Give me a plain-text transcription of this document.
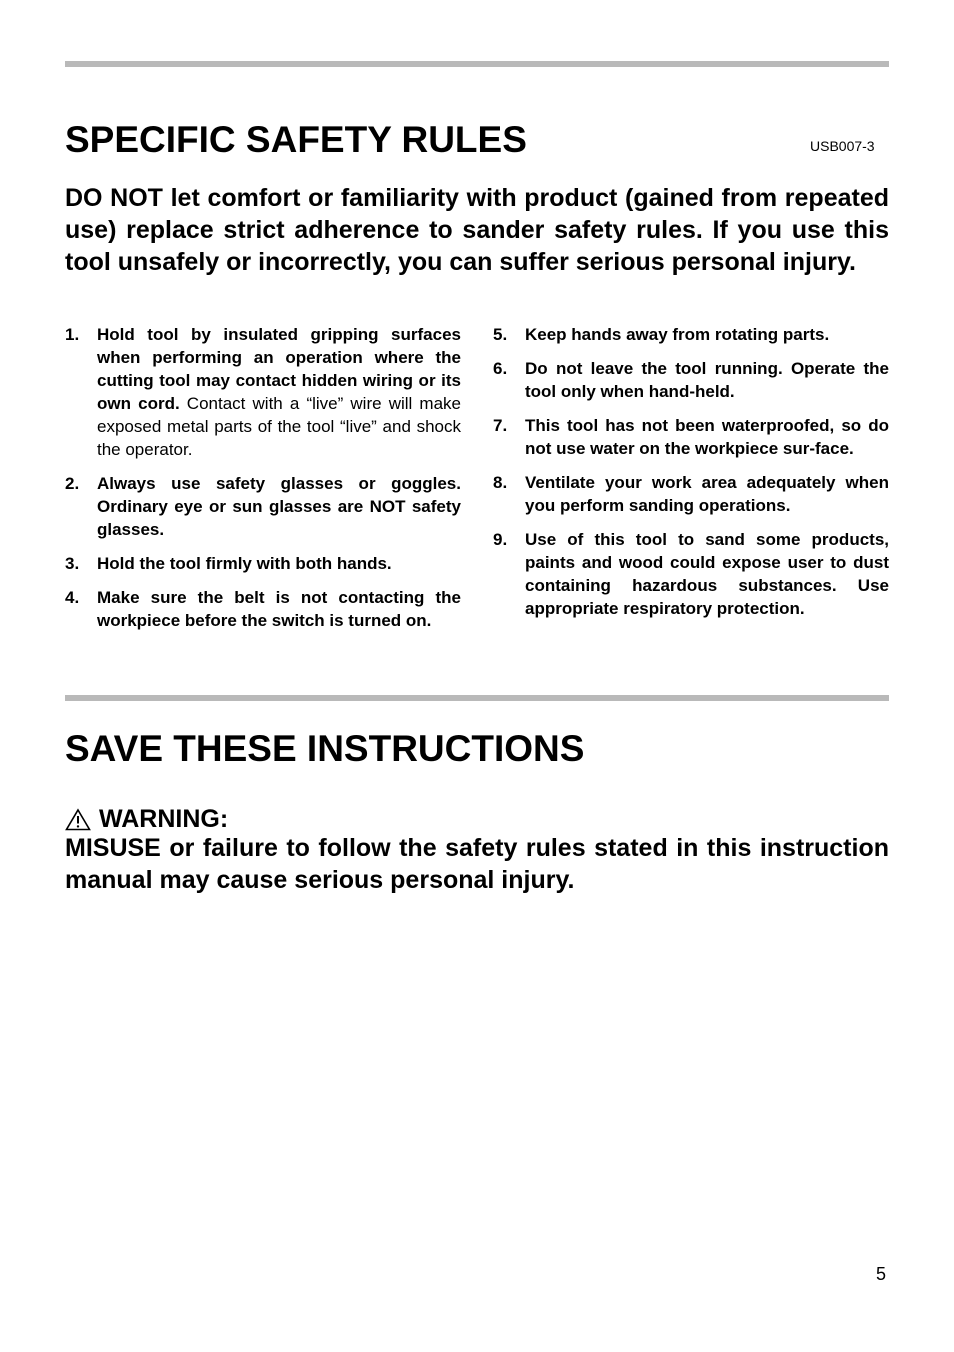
SPECIFIC SAFETY RULES	USB007-3

DO NOT let comfort or familiarity with product (gained from repeated use) replace strict adherence to sander safety rules. If you use this tool unsafely or incorrectly, you can suffer serious personal injury.

1. Hold tool by insulated gripping surfaces when performing an operation where the cutting tool may contact hidden wiring or its own cord. Contact with a “live” wire will make exposed metal parts of the tool “live” and shock the operator.
2. Always use safety glasses or goggles. Ordinary eye or sun glasses are NOT safety glasses.
3. Hold the tool firmly with both hands.
4. Make sure the belt is not contacting the workpiece before the switch is turned on.
5. Keep hands away from rotating parts.
6. Do not leave the tool running. Operate the tool only when hand-held.
7. This tool has not been waterproofed, so do not use water on the workpiece sur-face.
8. Ventilate your work area adequately when you perform sanding operations.
9. Use of this tool to sand some products, paints and wood could expose user to dust containing hazardous substances. Use appropriate respiratory protection.
SAVE THESE INSTRUCTIONS
WARNING:

MISUSE or failure to follow the safety rules stated in this instruction manual may cause serious personal injury.

5
